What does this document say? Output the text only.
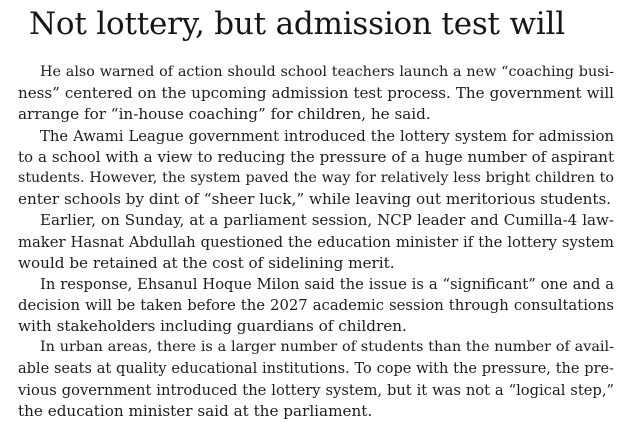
Not lottery, but admission test will
He also warned of action should school teachers launch a new “coaching busi-
ness” centered on the upcoming admission test process. The government will
arrange for “in-house coaching” for children, he said.
The Awami League government introduced the lottery system for admission
to a school with a view to reducing the pressure of a huge number of aspirant
students. However, the system paved the way for relatively less bright children to
enter schools by dint of “sheer luck,” while leaving out meritorious students.
Earlier, on Sunday, at a parliament session, NCP leader and Cumilla-4 law-
maker Hasnat Abdullah questioned the education minister if the lottery system
would be retained at the cost of sidelining merit.
In response, Ehsanul Hoque Milon said the issue is a “significant” one and a
decision will be taken before the 2027 academic session through consultations
with stakeholders including guardians of children.
In urban areas, there is a larger number of students than the number of avail-
able seats at quality educational institutions. To cope with the pressure, the pre-
vious government introduced the lottery system, but it was not a “logical step,”
the education minister said at the parliament.
